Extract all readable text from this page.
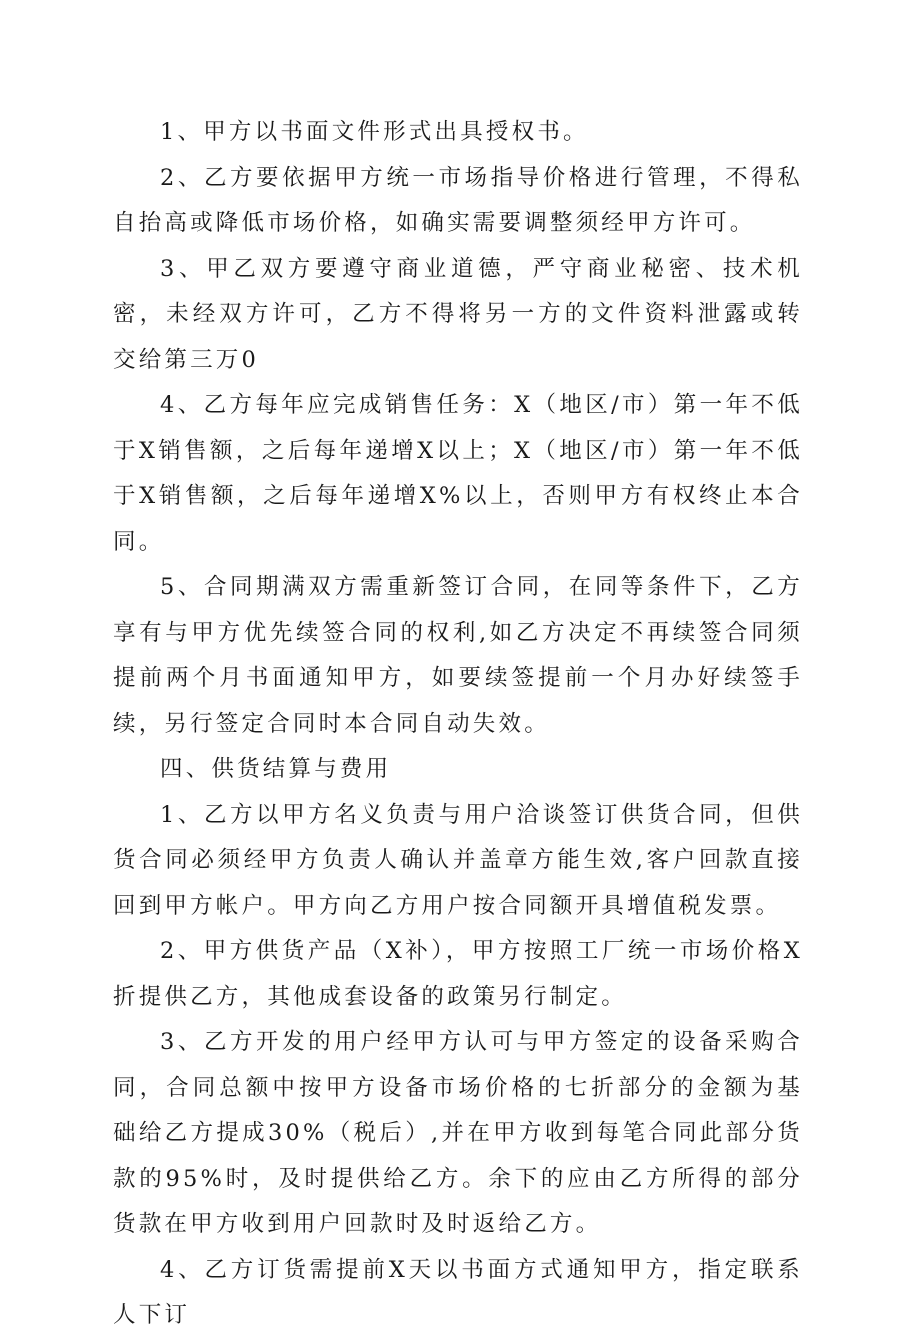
1、甲方以书面文件形式出具授权书。

2、乙方要依据甲方统一市场指导价格进行管理，不得私自抬高或降低市场价格，如确实需要调整须经甲方许可。

3、甲乙双方要遵守商业道德，严守商业秘密、技术机密，未经双方许可，乙方不得将另一方的文件资料泄露或转交给第三万0

4、乙方每年应完成销售任务：X（地区/市）第一年不低于X销售额，之后每年递增X以上；X（地区/市）第一年不低于X销售额，之后每年递增X%以上，否则甲方有权终止本合同。

5、合同期满双方需重新签订合同，在同等条件下，乙方享有与甲方优先续签合同的权利,如乙方决定不再续签合同须提前两个月书面通知甲方，如要续签提前一个月办好续签手续，另行签定合同时本合同自动失效。

四、供货结算与费用

1、乙方以甲方名义负责与用户洽谈签订供货合同，但供货合同必须经甲方负责人确认并盖章方能生效,客户回款直接回到甲方帐户。甲方向乙方用户按合同额开具增值税发票。

2、甲方供货产品（X补），甲方按照工厂统一市场价格X折提供乙方，其他成套设备的政策另行制定。

3、乙方开发的用户经甲方认可与甲方签定的设备采购合同，合同总额中按甲方设备市场价格的七折部分的金额为基础给乙方提成30%（税后）,并在甲方收到每笔合同此部分货款的95%时，及时提供给乙方。余下的应由乙方所得的部分货款在甲方收到用户回款时及时返给乙方。

4、乙方订货需提前X天以书面方式通知甲方，指定联系人下订
